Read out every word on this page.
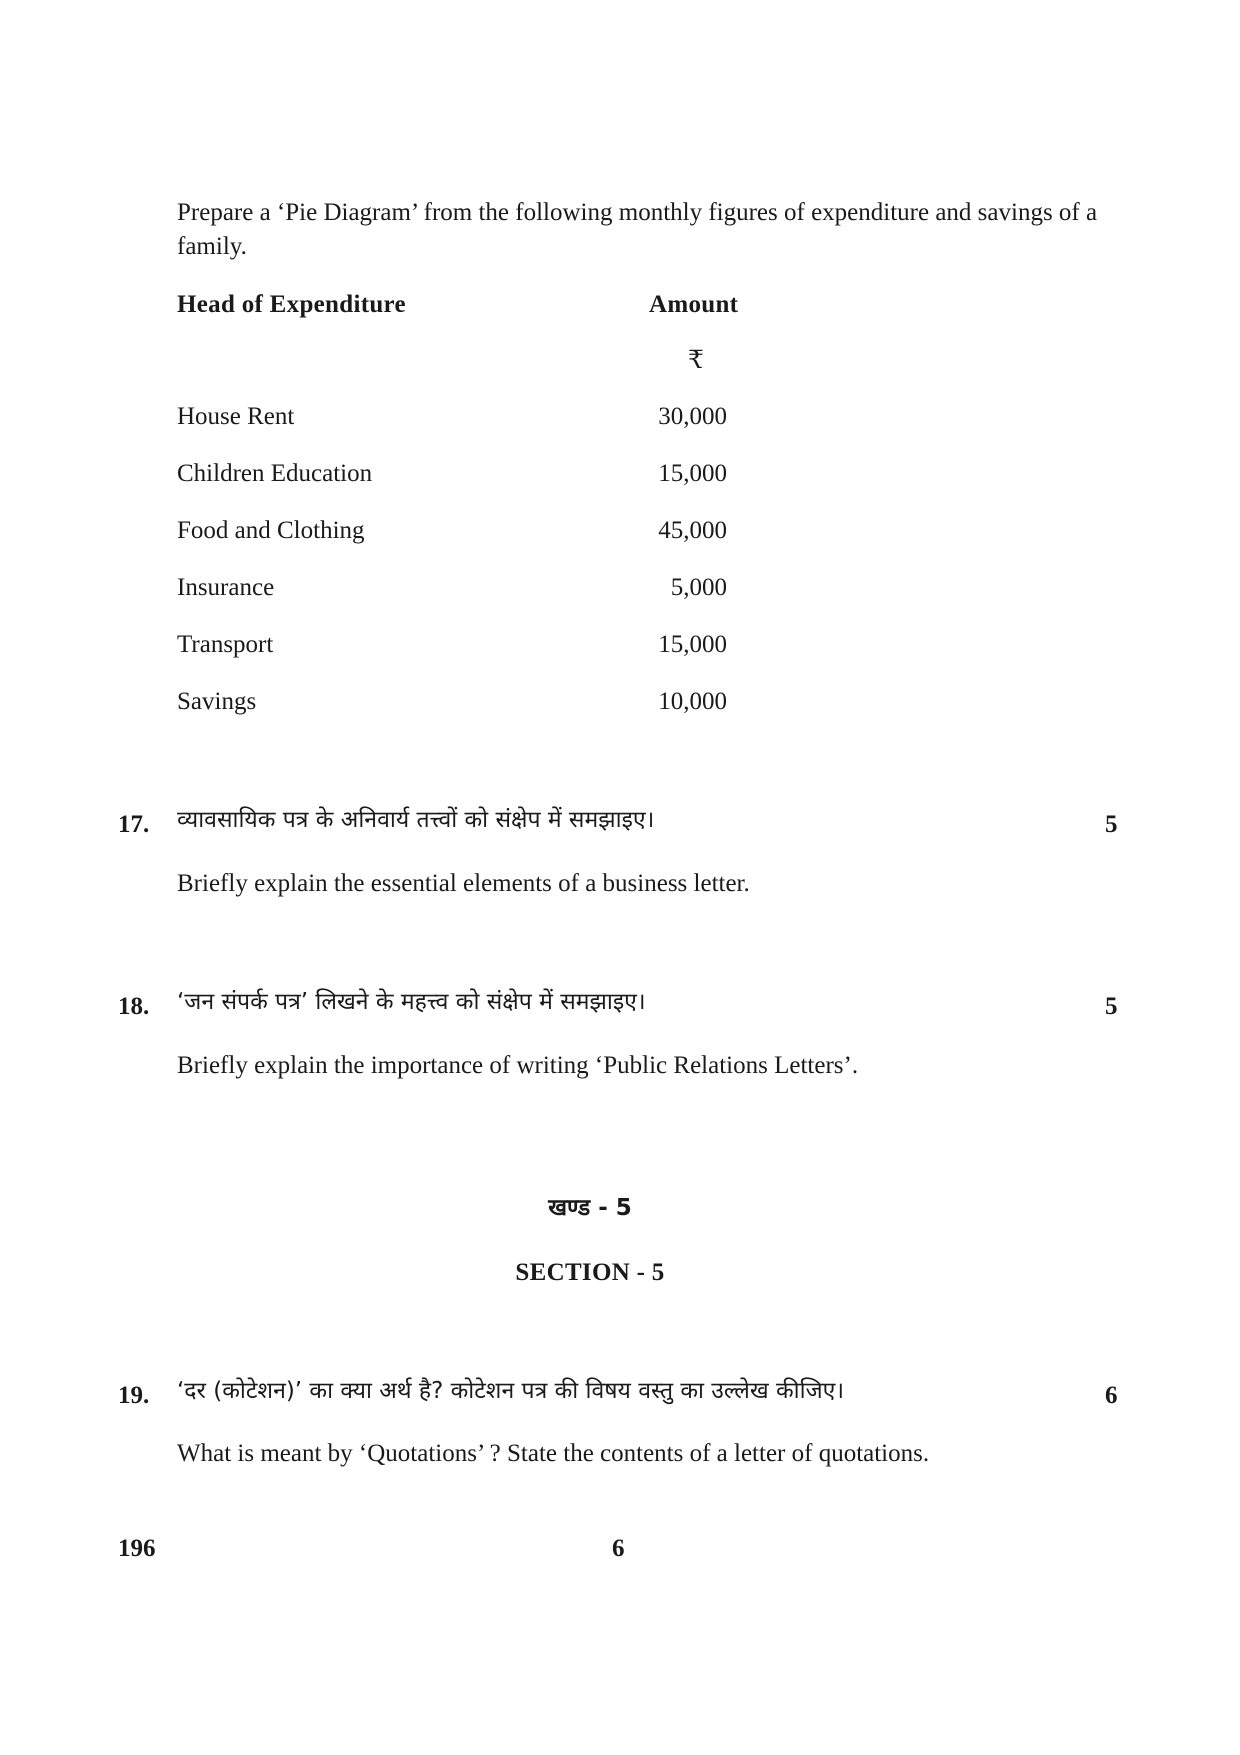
Prepare a ‘Pie Diagram’ from the following monthly figures of expenditure and savings of a family.
Head of Expenditure	Amount
₹
House Rent	30,000
Children Education	15,000
Food and Clothing	45,000
Insurance	5,000
Transport	15,000
Savings	10,000
17. व्यावसायिक पत्र के अनिवार्य तत्त्वों को संक्षेप में समझाइए।	5
Briefly explain the essential elements of a business letter.
18. ‘जन संपर्क पत्र’ लिखने के महत्त्व को संक्षेप में समझाइए।	5
Briefly explain the importance of writing ‘Public Relations Letters’.
खण्ड - 5
SECTION - 5
19. ‘दर (कोटेशन)’ का क्या अर्थ है? कोटेशन पत्र की विषय वस्तु का उल्लेख कीजिए।	6
What is meant by ‘Quotations’ ? State the contents of a letter of quotations.
196	6
